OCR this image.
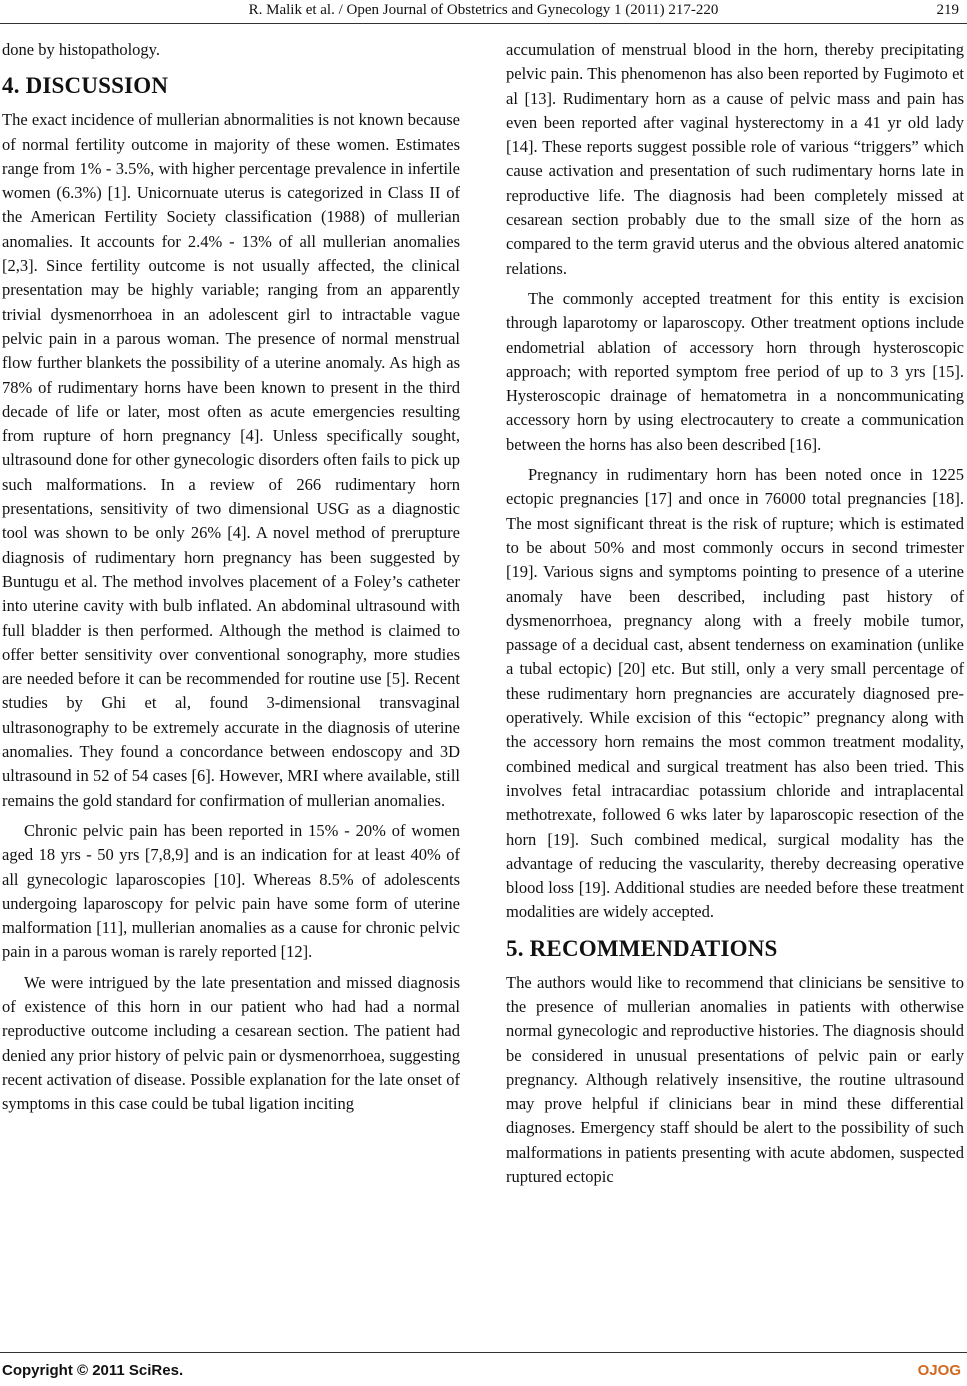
R. Malik et al. / Open Journal of Obstetrics and Gynecology 1 (2011) 217-220	219

done by histopathology.

4. DISCUSSION

The exact incidence of mullerian abnormalities is not known because of normal fertility outcome in majority of these women. Estimates range from 1% - 3.5%, with higher percentage prevalence in infertile women (6.3%) [1]. Unicornuate uterus is categorized in Class II of the American Fertility Society classification (1988) of mullerian anomalies. It accounts for 2.4% - 13% of all mullerian anomalies [2,3]. Since fertility outcome is not usually affected, the clinical presentation may be highly variable; ranging from an apparently trivial dysmenorrhoea in an adolescent girl to intractable vague pelvic pain in a parous woman. The presence of normal menstrual flow further blankets the possibility of a uterine anomaly. As high as 78% of rudimentary horns have been known to present in the third decade of life or later, most often as acute emergencies resulting from rupture of horn pregnancy [4]. Unless specifically sought, ultrasound done for other gynecologic disorders often fails to pick up such malformations. In a review of 266 rudimentary horn presentations, sensitivity of two dimensional USG as a diagnostic tool was shown to be only 26% [4]. A novel method of prerupture diagnosis of rudimentary horn pregnancy has been suggested by Buntugu et al. The method involves placement of a Foley’s catheter into uterine cavity with bulb inflated. An abdominal ultrasound with full bladder is then performed. Although the method is claimed to offer better sensitivity over conventional sonography, more studies are needed before it can be recommended for routine use [5]. Recent studies by Ghi et al, found 3-dimensional transvaginal ultrasonography to be extremely accurate in the diagnosis of uterine anomalies. They found a concordance between endoscopy and 3D ultrasound in 52 of 54 cases [6]. However, MRI where available, still remains the gold standard for confirmation of mullerian anomalies.

Chronic pelvic pain has been reported in 15% - 20% of women aged 18 yrs - 50 yrs [7,8,9] and is an indication for at least 40% of all gynecologic laparoscopies [10]. Whereas 8.5% of adolescents undergoing laparoscopy for pelvic pain have some form of uterine malformation [11], mullerian anomalies as a cause for chronic pelvic pain in a parous woman is rarely reported [12].

We were intrigued by the late presentation and missed diagnosis of existence of this horn in our patient who had had a normal reproductive outcome including a cesarean section. The patient had denied any prior history of pelvic pain or dysmenorrhoea, suggesting recent activation of disease. Possible explanation for the late onset of symptoms in this case could be tubal ligation inciting

accumulation of menstrual blood in the horn, thereby precipitating pelvic pain. This phenomenon has also been reported by Fugimoto et al [13]. Rudimentary horn as a cause of pelvic mass and pain has even been reported after vaginal hysterectomy in a 41 yr old lady [14]. These reports suggest possible role of various “triggers” which cause activation and presentation of such rudimentary horns late in reproductive life. The diagnosis had been completely missed at cesarean section probably due to the small size of the horn as compared to the term gravid uterus and the obvious altered anatomic relations.

The commonly accepted treatment for this entity is excision through laparotomy or laparoscopy. Other treatment options include endometrial ablation of accessory horn through hysteroscopic approach; with reported symptom free period of up to 3 yrs [15]. Hysteroscopic drainage of hematometra in a noncommunicating accessory horn by using electrocautery to create a communication between the horns has also been described [16].

Pregnancy in rudimentary horn has been noted once in 1225 ectopic pregnancies [17] and once in 76000 total pregnancies [18]. The most significant threat is the risk of rupture; which is estimated to be about 50% and most commonly occurs in second trimester [19]. Various signs and symptoms pointing to presence of a uterine anomaly have been described, including past history of dysmenorrhoea, pregnancy along with a freely mobile tumor, passage of a decidual cast, absent tenderness on examination (unlike a tubal ectopic) [20] etc. But still, only a very small percentage of these rudimentary horn pregnancies are accurately diagnosed pre-operatively. While excision of this “ectopic” pregnancy along with the accessory horn remains the most common treatment modality, combined medical and surgical treatment has also been tried. This involves fetal intracardiac potassium chloride and intraplacental methotrexate, followed 6 wks later by laparoscopic resection of the horn [19]. Such combined medical, surgical modality has the advantage of reducing the vascularity, thereby decreasing operative blood loss [19]. Additional studies are needed before these treatment modalities are widely accepted.

5. RECOMMENDATIONS

The authors would like to recommend that clinicians be sensitive to the presence of mullerian anomalies in patients with otherwise normal gynecologic and reproductive histories. The diagnosis should be considered in unusual presentations of pelvic pain or early pregnancy. Although relatively insensitive, the routine ultrasound may prove helpful if clinicians bear in mind these differential diagnoses. Emergency staff should be alert to the possibility of such malformations in patients presenting with acute abdomen, suspected ruptured ectopic

Copyright © 2011 SciRes.	OJOG
